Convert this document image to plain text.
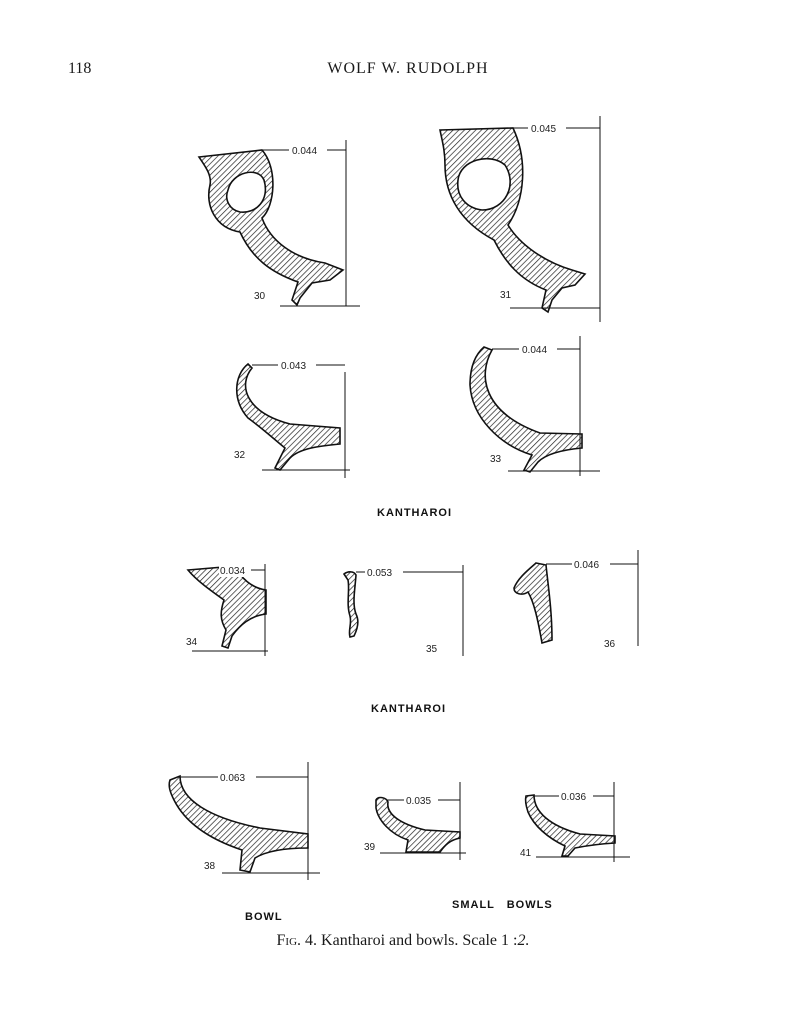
118	WOLF W. RUDOLPH
0.044
30
0.045
31
0.043
32
0.044
33
KANTHAROI
0.034
34
0.053
35
0.046
36
KANTHAROI
0.063
38
0.035
39
0.036
41
SMALL BOWLS
BOWL
Fig. 4. Kantharoi and bowls. Scale 1 :2.
